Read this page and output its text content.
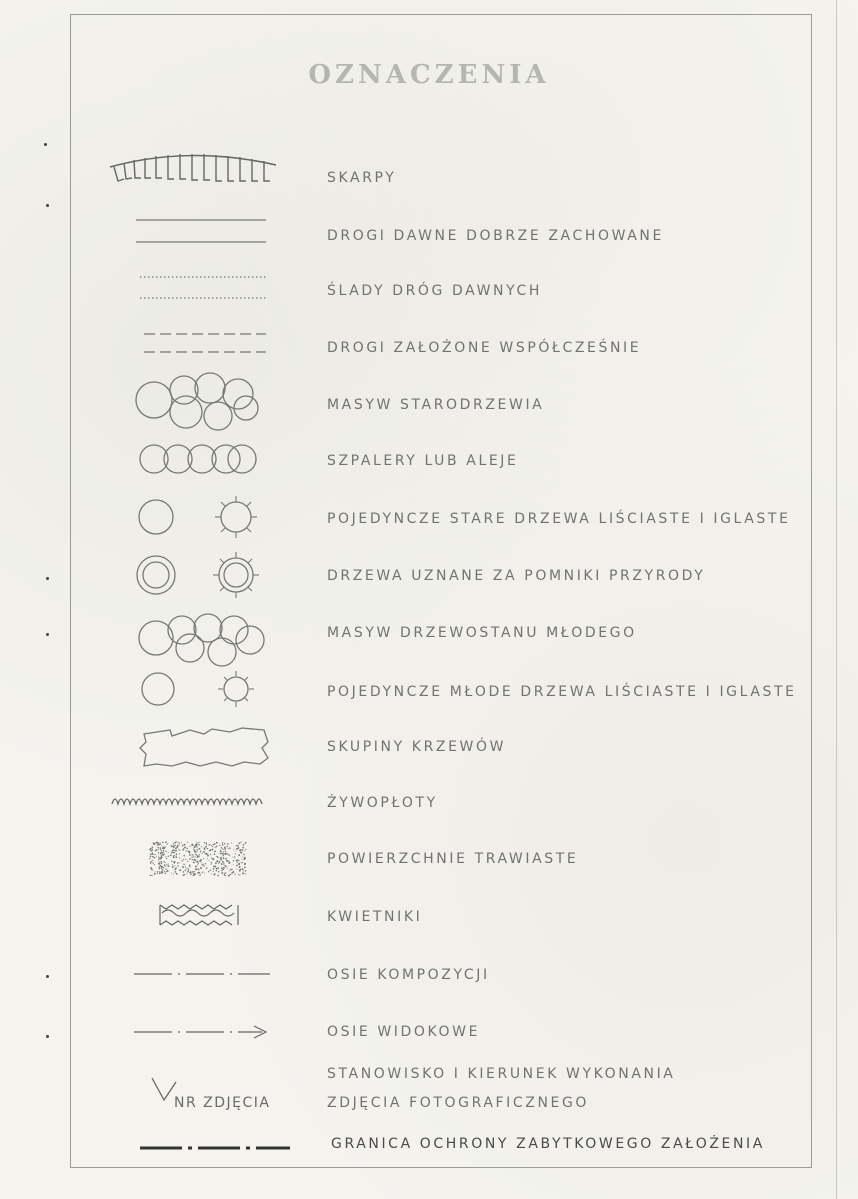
OZNACZENIA
SKARPY
DROGI DAWNE DOBRZE ZACHOWANE
ŚLADY DRÓG DAWNYCH
DROGI ZAŁOŻONE WSPÓŁCZEŚNIE
MASYW STARODRZEWIA
SZPALERY LUB ALEJE
POJEDYNCZE STARE DRZEWA LIŚCIASTE I IGLASTE
DRZEWA UZNANE ZA POMNIKI PRZYRODY
MASYW DRZEWOSTANU MŁODEGO
POJEDYNCZE MŁODE DRZEWA LIŚCIASTE I IGLASTE
SKUPINY KRZEWÓW
ŻYWOPŁOTY
POWIERZCHNIE TRAWIASTE
KWIETNIKI
OSIE KOMPOZYCJI
OSIE WIDOKOWE
STANOWISKO I KIERUNEK WYKONANIA
ZDJĘCIA FOTOGRAFICZNEGO
GRANICA OCHRONY ZABYTKOWEGO ZAŁOŻENIA
NR ZDJĘCIA
